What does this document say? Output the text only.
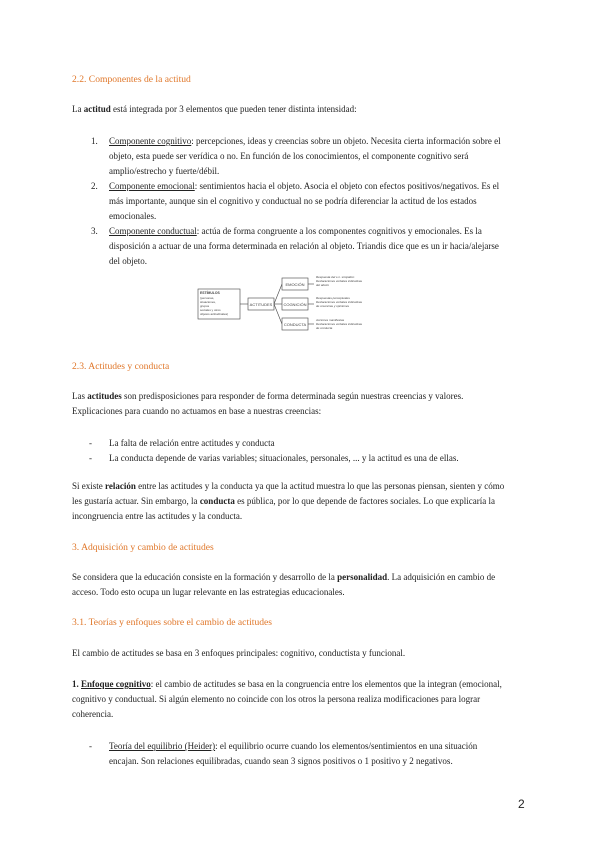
2.2. Componentes de la actitud

La actitud está integrada por 3 elementos que pueden tener distinta intensidad:

1. Componente cognitivo: percepciones, ideas y creencias sobre un objeto. Necesita cierta información sobre el
objeto, esta puede ser verídica o no. En función de los conocimientos, el componente cognitivo será
amplio/estrecho y fuerte/débil.
2. Componente emocional: sentimientos hacia el objeto. Asocia el objeto con efectos positivos/negativos. Es el
más importante, aunque sin el cognitivo y conductual no se podría diferenciar la actitud de los estados
emocionales.
3. Componente conductual: actúa de forma congruente a los componentes cognitivos y emocionales. Es la
disposición a actuar de una forma determinada en relación al objeto. Triandis dice que es un ir hacia/alejarse
del objeto.
ESTÍMULOS
(personas,
situaciones,
grupos
sociales y otros
objetos actitudinales)
ACTITUDES
EMOCIÓN
COGNICIÓN
CONDUCTA
Respuesta del s.n. simpático
Declaraciones verbales indicativas
del afecto
Respuestas perceptuales
Declaraciones verbales indicativas
de creencias y opiniones
Acciones manifiestas
Declaraciones verbales indicativas
de conducta
2.3. Actitudes y conducta

Las actitudes son predisposiciones para responder de forma determinada según nuestras creencias y valores.
Explicaciones para cuando no actuamos en base a nuestras creencias:

- La falta de relación entre actitudes y conducta
- La conducta depende de varias variables; situacionales, personales, ... y la actitud es una de ellas.

Si existe relación entre las actitudes y la conducta ya que la actitud muestra lo que las personas piensan, sienten y cómo
les gustaría actuar. Sin embargo, la conducta es pública, por lo que depende de factores sociales. Lo que explicaría la
incongruencia entre las actitudes y la conducta.

3. Adquisición y cambio de actitudes

Se considera que la educación consiste en la formación y desarrollo de la personalidad. La adquisición en cambio de
acceso. Todo esto ocupa un lugar relevante en las estrategias educacionales.

3.1. Teorías y enfoques sobre el cambio de actitudes

El cambio de actitudes se basa en 3 enfoques principales: cognitivo, conductista y funcional.

1. Enfoque cognitivo: el cambio de actitudes se basa en la congruencia entre los elementos que la integran (emocional,
cognitivo y conductual. Si algún elemento no coincide con los otros la persona realiza modificaciones para lograr
coherencia.

- Teoría del equilibrio (Heider): el equilibrio ocurre cuando los elementos/sentimientos en una situación
encajan. Son relaciones equilibradas, cuando sean 3 signos positivos o 1 positivo y 2 negativos.
2
